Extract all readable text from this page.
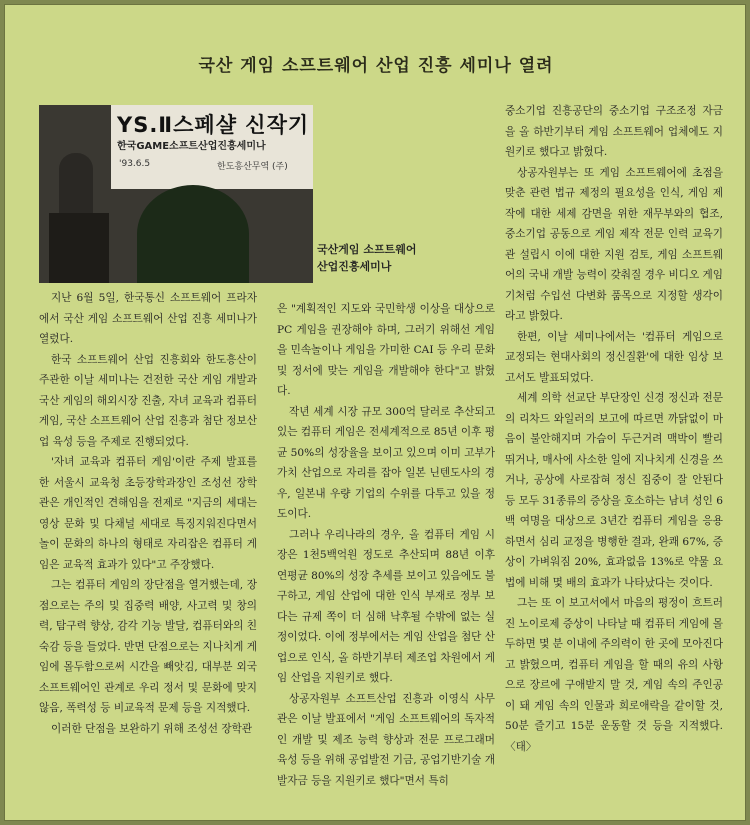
국산 게임 소프트웨어 산업 진흥 세미나 열려
YS.Ⅱ스페샬 신작기
한국GAME소프트산업진흥세미나
'93.6.5	한도흥산무역 (주)
국산게임 소프트웨어
산업진흥세미나

지난 6월 5일, 한국통신 소프트웨어 프라자에서 국산 게임 소프트웨어 산업 진흥 세미나가 열렸다.

한국 소프트웨어 산업 진흥회와 한도흥산이 주관한 이날 세미나는 건전한 국산 게임 개발과 국산 게임의 해외시장 진출, 자녀 교육과 컴퓨터 게임, 국산 소프트웨어 산업 진흥과 첨단 정보산업 육성 등을 주제로 진행되었다.

'자녀 교육과 컴퓨터 게임'이란 주제 발표를 한 서울시 교육청 초등장학과장인 조성선 장학관은 개인적인 견해임을 전제로 "지금의 세대는 영상 문화 및 다채널 세대로 특징지워진다면서 놀이 문화의 하나의 형태로 자리잡은 컴퓨터 게임은 교육적 효과가 있다"고 주장했다.

그는 컴퓨터 게임의 장단점을 열거했는데, 장점으로는 주의 및 집중력 배양, 사고력 및 창의력, 탐구력 향상, 감각 기능 발달, 컴퓨터와의 친숙감 등을 들었다. 반면 단점으로는 지나치게 게임에 몰두함으로써 시간을 빼앗김, 대부분 외국 소프트웨어인 관계로 우리 정서 및 문화에 맞지 않음, 폭력성 등 비교육적 문제 등을 지적했다.

이러한 단점을 보완하기 위해 조성선 장학관

은 "계획적인 지도와 국민학생 이상을 대상으로 PC 게임을 권장해야 하며, 그러기 위해선 게임을 민속놀이나 게임을 가미한 CAI 등 우리 문화 및 정서에 맞는 게임을 개발해야 한다"고 밝혔다.

작년 세계 시장 규모 300억 달러로 추산되고 있는 컴퓨터 게임은 전세계적으로 85년 이후 평균 50%의 성장율을 보이고 있으며 이미 고부가가치 산업으로 자리를 잡아 일본 닌텐도사의 경우, 일본내 우량 기업의 수위를 다투고 있을 정도이다.

그러나 우리나라의 경우, 올 컴퓨터 게임 시장은 1천5백억원 정도로 추산되며 88년 이후 연평균 80%의 성장 추세를 보이고 있음에도 불구하고, 게임 산업에 대한 인식 부재로 정부 보다는 규제 쪽이 더 심해 낙후될 수밖에 없는 실정이었다. 이에 정부에서는 게임 산업을 첨단 산업으로 인식, 올 하반기부터 제조업 차원에서 게임 산업을 지원키로 했다.

상공자원부 소프트산업 진흥과 이영식 사무관은 이날 발표에서 "게임 소프트웨어의 독자적인 개발 및 제조 능력 향상과 전문 프로그래머 육성 등을 위해 공업발전 기금, 공업기반기술 개발자금 등을 지원키로 했다"면서 특히

중소기업 진흥공단의 중소기업 구조조정 자금을 올 하반기부터 게임 소프트웨어 업체에도 지원키로 했다고 밝혔다.

상공자원부는 또 게임 소프트웨어에 초점을 맞춘 관련 법규 제정의 필요성을 인식, 게임 제작에 대한 세제 감면을 위한 재무부와의 협조, 중소기업 공동으로 게임 제작 전문 인력 교육기관 설립시 이에 대한 지원 검토, 게임 소프트웨어의 국내 개발 능력이 갖춰질 경우 비디오 게임기처럼 수입선 다변화 품목으로 지정할 생각이라고 밝혔다.

한편, 이날 세미나에서는 '컴퓨터 게임으로 교정되는 현대사회의 정신질환'에 대한 임상 보고서도 발표되었다.

세계 의학 선교단 부단장인 신경 정신과 전문의 리차드 와일러의 보고에 따르면 까닭없이 마음이 불안해지며 가슴이 두근거려 맥박이 빨리 뛰거나, 매사에 사소한 일에 지나치게 신경을 쓰거나, 공상에 사로잡혀 정신 집중이 잘 안된다 등 모두 31종류의 증상을 호소하는 남녀 성인 6백 여명을 대상으로 3년간 컴퓨터 게임을 응용하면서 심리 교정을 병행한 결과, 완쾌 67%, 증상이 가벼워짐 20%, 효과없음 13%로 약물 요법에 비해 몇 배의 효과가 나타났다는 것이다.

그는 또 이 보고서에서 마음의 평정이 흐트러진 노이로제 증상이 나타날 때 컴퓨터 게임에 몰두하면 몇 분 이내에 주의력이 한 곳에 모아진다고 밝혔으며, 컴퓨터 게임을 할 때의 유의 사항으로 장르에 구애받지 말 것, 게임 속의 주인공이 돼 게임 속의 인물과 희로애락을 같이할 것, 50분 즐기고 15분 운동할 것 등을 지적했다.〈태〉
